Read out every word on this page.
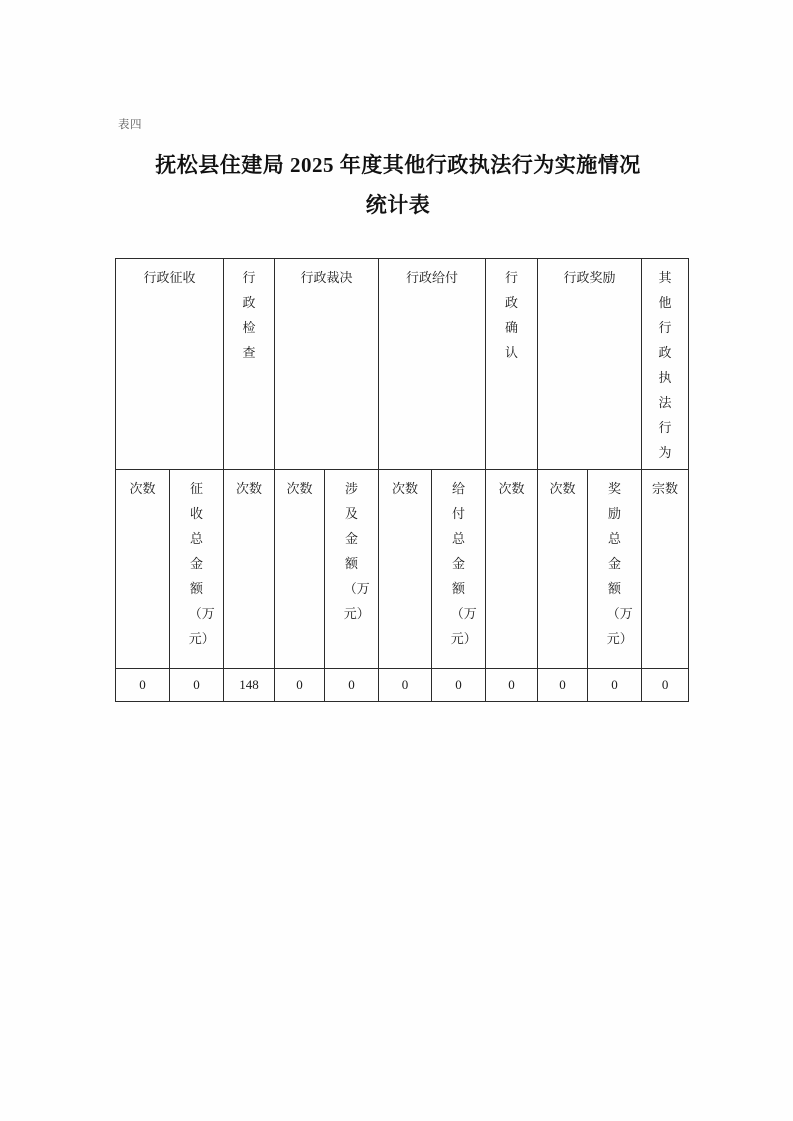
表四
抚松县住建局 2025 年度其他行政执法行为实施情况
统计表
行政征收		行政检查	行政裁决		行政给付		行政确认	行政奖励		其他行政执法行为

次数	征收总金额（万元）	次数	次数	涉及金额（万元）	次数	给付总金额（万元）	次数	次数	奖励总金额（万元）	宗数

0	0	148	0	0	0	0	0	0	0	0
